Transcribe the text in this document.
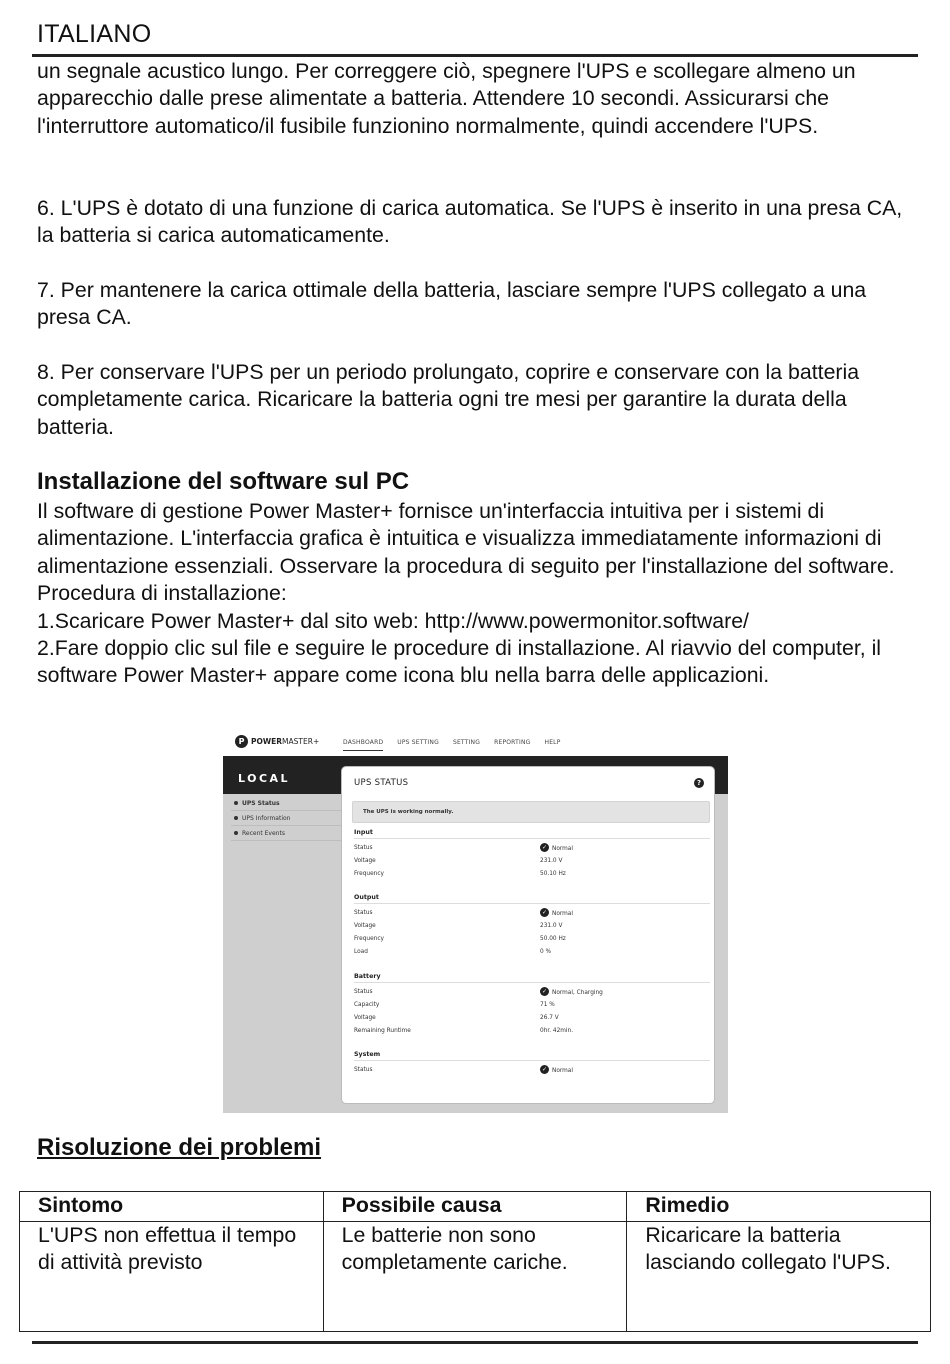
ITALIANO

un segnale acustico lungo. Per correggere ciò, spegnere l'UPS e scollegare almeno un apparecchio dalle prese alimentate a batteria. Attendere 10 secondi. Assicurarsi che l'interruttore automatico/il fusibile funzionino normalmente, quindi accendere l'UPS.

6. L'UPS è dotato di una funzione di carica automatica. Se l'UPS è inserito in una presa CA, la batteria si carica automaticamente.

7. Per mantenere la carica ottimale della batteria, lasciare sempre l'UPS collegato a una presa CA.

8. Per conservare l'UPS per un periodo prolungato, coprire e conservare con la batteria completamente carica. Ricaricare la batteria ogni tre mesi per garantire la durata della batteria.

Installazione del software sul PC

Il software di gestione Power Master+ fornisce un'interfaccia intuitiva per i sistemi di alimentazione. L'interfaccia grafica è intuitica e visualizza immediatamente informazioni di alimentazione essenziali. Osservare la procedura di seguito per l'installazione del software. Procedura di installazione:

1.Scaricare Power Master+ dal sito web: http://www.powermonitor.software/

2.Fare doppio clic sul file e seguire le procedure di installazione. Al riavvio del computer, il software Power Master+ appare come icona blu nella barra delle applicazioni.

P POWER MASTER+	DASHBOARD UPS SETTING SETTING REPORTING HELP
LOCAL
UPS Status
UPS Information
Recent Events
UPS STATUS	?
The UPS is working normally.
Input
Status	✓ Normal
Voltage	231.0 V
Frequency	50.10 Hz
Output
Status	✓ Normal
Voltage	231.0 V
Frequency	50.00 Hz
Load	0 %
Battery
Status	✓ Normal, Charging
Capacity	71 %
Voltage	26.7 V
Remaining Runtime	0hr. 42min.
System
Status	✓ Normal
Risoluzione dei problemi
Sintomo	Possibile causa	Rimedio
L'UPS non effettua il tempo di attività previsto	Le batterie non sono completamente cariche.	Ricaricare la batteria lasciando collegato l'UPS.
